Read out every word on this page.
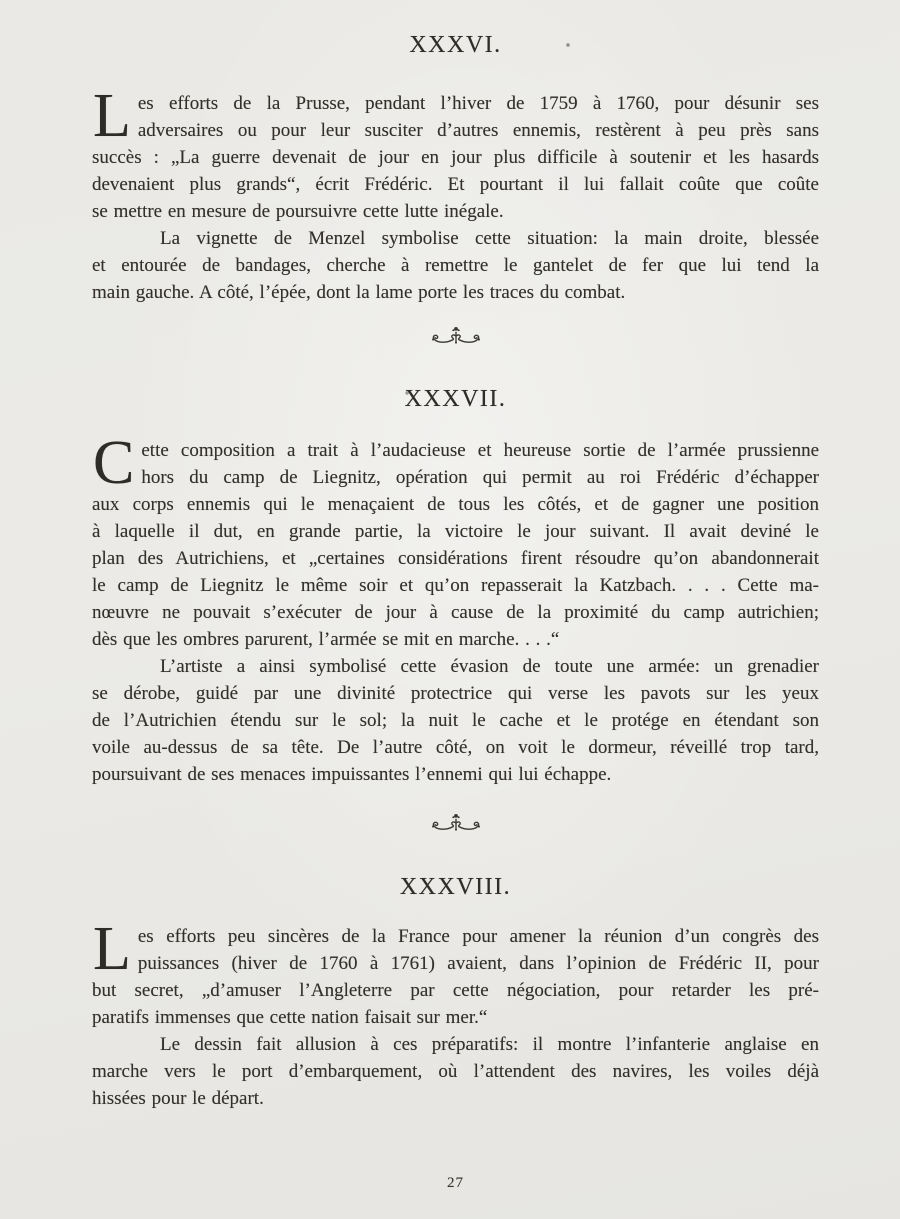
XXXVI.
L es efforts de la Prusse, pendant l’hiver de 1759 à 1760, pour désunir ses
adversaires ou pour leur susciter d’autres ennemis, restèrent à peu près sans
succès : „La guerre devenait de jour en jour plus difficile à soutenir et les hasards
devenaient plus grands“, écrit Frédéric. Et pourtant il lui fallait coûte que coûte
se mettre en mesure de poursuivre cette lutte inégale.
La vignette de Menzel symbolise cette situation: la main droite, blessée
et entourée de bandages, cherche à remettre le gantelet de fer que lui tend la
main gauche. A côté, l’épée, dont la lame porte les traces du combat.
XXXVII.
C ette composition a trait à l’audacieuse et heureuse sortie de l’armée prussienne
hors du camp de Liegnitz, opération qui permit au roi Frédéric d’échapper
aux corps ennemis qui le menaçaient de tous les côtés, et de gagner une position
à laquelle il dut, en grande partie, la victoire le jour suivant. Il avait deviné le
plan des Autrichiens, et „certaines considérations firent résoudre qu’on abandonnerait
le camp de Liegnitz le même soir et qu’on repasserait la Katzbach. . . . Cette ma-
nœuvre ne pouvait s’exécuter de jour à cause de la proximité du camp autrichien;
dès que les ombres parurent, l’armée se mit en marche. . . .“
L’artiste a ainsi symbolisé cette évasion de toute une armée: un grenadier
se dérobe, guidé par une divinité protectrice qui verse les pavots sur les yeux
de l’Autrichien étendu sur le sol; la nuit le cache et le protége en étendant son
voile au-dessus de sa tête. De l’autre côté, on voit le dormeur, réveillé trop tard,
poursuivant de ses menaces impuissantes l’ennemi qui lui échappe.
XXXVIII.
L es efforts peu sincères de la France pour amener la réunion d’un congrès des
puissances (hiver de 1760 à 1761) avaient, dans l’opinion de Frédéric II, pour
but secret, „d’amuser l’Angleterre par cette négociation, pour retarder les pré-
paratifs immenses que cette nation faisait sur mer.“
Le dessin fait allusion à ces préparatifs: il montre l’infanterie anglaise en
marche vers le port d’embarquement, où l’attendent des navires, les voiles déjà
hissées pour le départ.
27
